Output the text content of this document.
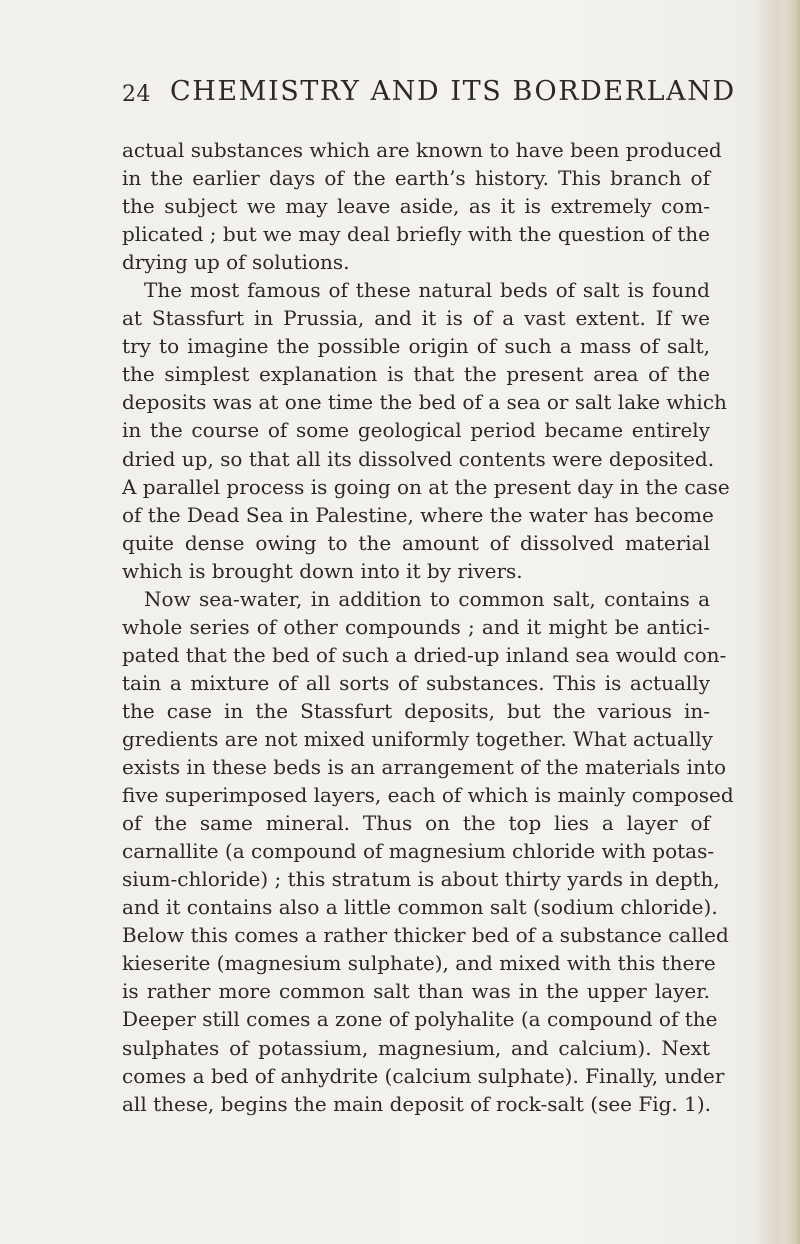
24 CHEMISTRY AND ITS BORDERLAND
actual substances which are known to have been produced
in the earlier days of the earth’s history. This branch of
the subject we may leave aside, as it is extremely com-
plicated ; but we may deal briefly with the question of the
drying up of solutions.
The most famous of these natural beds of salt is found
at Stassfurt in Prussia, and it is of a vast extent. If we
try to imagine the possible origin of such a mass of salt,
the simplest explanation is that the present area of the
deposits was at one time the bed of a sea or salt lake which
in the course of some geological period became entirely
dried up, so that all its dissolved contents were deposited.
A parallel process is going on at the present day in the case
of the Dead Sea in Palestine, where the water has become
quite dense owing to the amount of dissolved material
which is brought down into it by rivers.
Now sea-water, in addition to common salt, contains a
whole series of other compounds ; and it might be antici-
pated that the bed of such a dried-up inland sea would con-
tain a mixture of all sorts of substances. This is actually
the case in the Stassfurt deposits, but the various in-
gredients are not mixed uniformly together. What actually
exists in these beds is an arrangement of the materials into
five superimposed layers, each of which is mainly composed
of the same mineral. Thus on the top lies a layer of
carnallite (a compound of magnesium chloride with potas-
sium-chloride) ; this stratum is about thirty yards in depth,
and it contains also a little common salt (sodium chloride).
Below this comes a rather thicker bed of a substance called
kieserite (magnesium sulphate), and mixed with this there
is rather more common salt than was in the upper layer.
Deeper still comes a zone of polyhalite (a compound of the
sulphates of potassium, magnesium, and calcium). Next
comes a bed of anhydrite (calcium sulphate). Finally, under
all these, begins the main deposit of rock-salt (see Fig. 1).
